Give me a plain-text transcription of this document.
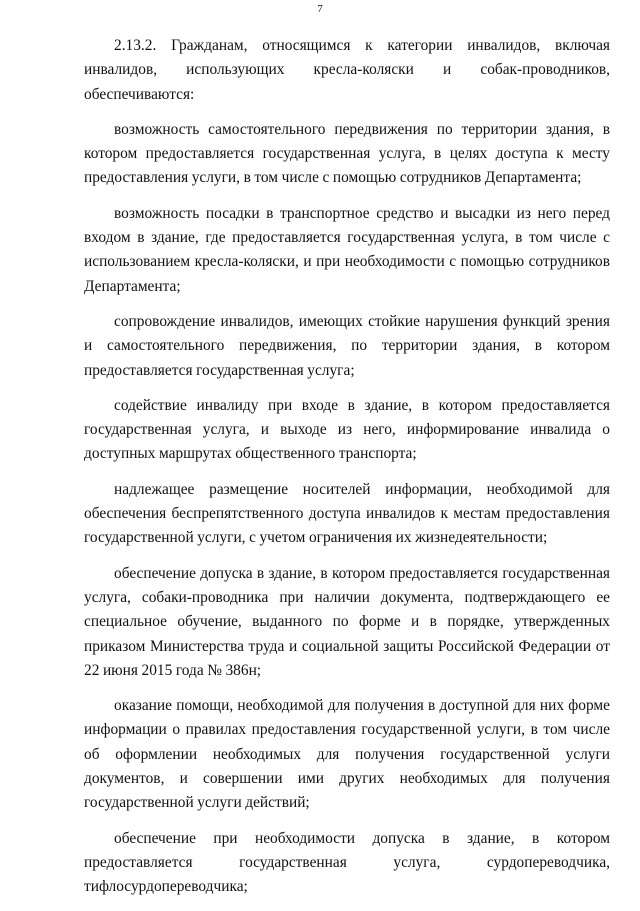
7

2.13.2. Гражданам, относящимся к категории инвалидов, включая инвалидов, использующих кресла-коляски и собак-проводников, обеспечиваются:

возможность самостоятельного передвижения по территории здания, в котором предоставляется государственная услуга, в целях доступа к месту предоставления услуги, в том числе с помощью сотрудников Департамента;

возможность посадки в транспортное средство и высадки из него перед входом в здание, где предоставляется государственная услуга, в том числе с использованием кресла-коляски, и при необходимости с помощью сотрудников Департамента;

сопровождение инвалидов, имеющих стойкие нарушения функций зрения и самостоятельного передвижения, по территории здания, в котором предоставляется государственная услуга;

содействие инвалиду при входе в здание, в котором предоставляется государственная услуга, и выходе из него, информирование инвалида о доступных маршрутах общественного транспорта;

надлежащее размещение носителей информации, необходимой для обеспечения беспрепятственного доступа инвалидов к местам предоставления государственной услуги, с учетом ограничения их жизнедеятельности;

обеспечение допуска в здание, в котором предоставляется государственная услуга, собаки-проводника при наличии документа, подтверждающего ее специальное обучение, выданного по форме и в порядке, утвержденных приказом Министерства труда и социальной защиты Российской Федерации от 22 июня 2015 года № 386н;

оказание помощи, необходимой для получения в доступной для них форме информации о правилах предоставления государственной услуги, в том числе об оформлении необходимых для получения государственной услуги документов, и совершении ими других необходимых для получения государственной услуги действий;

обеспечение при необходимости допуска в здание, в котором предоставляется государственная услуга, сурдопереводчика, тифлосурдопереводчика;
